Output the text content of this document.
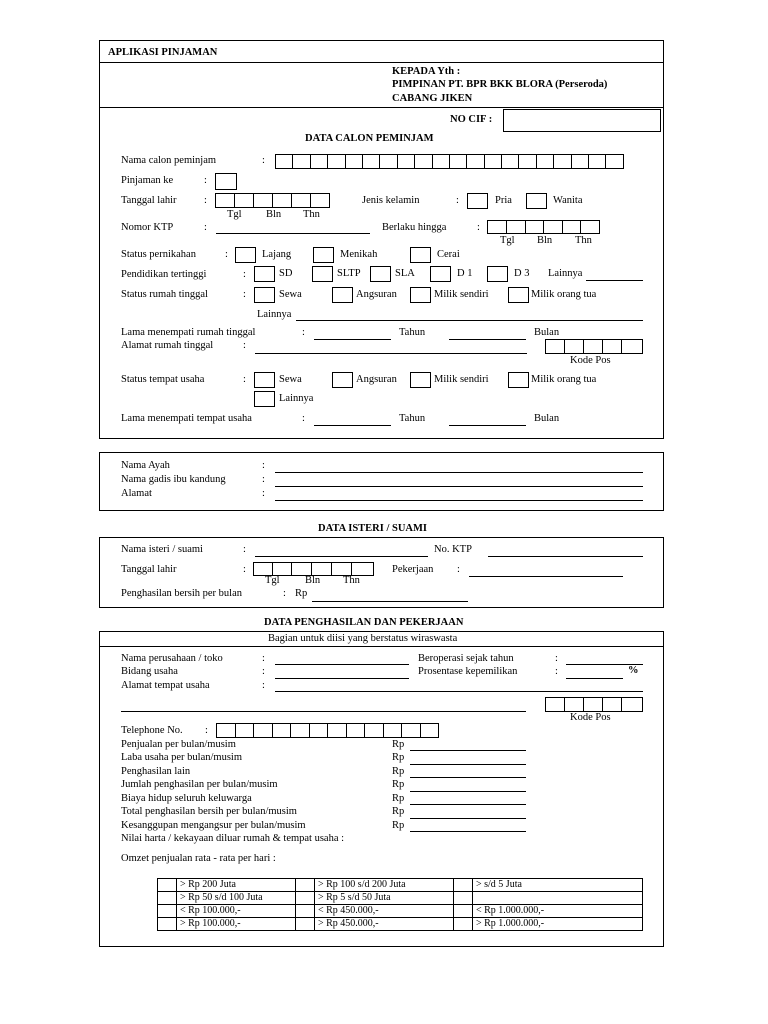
APLIKASI PINJAMAN
KEPADA Yth :
PIMPINAN PT. BPR BKK BLORA (Perseroda)
CABANG JIKEN
NO CIF :
DATA CALON PEMINJAM
Nama calon peminjam	:
Pinjaman ke	:
Tanggal lahir	:
Tgl Bln Thn
Jenis kelamin	:	Pria	Wanita
Nomor KTP	:	Berlaku hingga	:
Tgl Bln Thn
Status pernikahan	:	Lajang	Menikah	Cerai
Pendidikan tertinggi	:	SD	SLTP	SLA	D 1	D 3 Lainnya
Status rumah tinggal	:	Sewa	Angsuran	Milik sendiri	Milik orang tua
Lainnya
Lama menempati rumah tinggal	:	Tahun	Bulan
Alamat rumah tinggal	:
Kode Pos
Status tempat usaha	:	Sewa	Angsuran	Milik sendiri	Milik orang tua
Lainnya
Lama menempati tempat usaha	:	Tahun	Bulan
Nama Ayah	:
Nama gadis ibu kandung	:
Alamat	:
DATA ISTERI / SUAMI
Nama isteri / suami	:	No. KTP
Tanggal lahir	:
Tgl Bln Thn
Pekerjaan :
Penghasilan bersih per bulan	: Rp
DATA PENGHASILAN DAN PEKERJAAN
Bagian untuk diisi yang berstatus wiraswasta
Nama perusahaan / toko	:	Beroperasi sejak tahun	:
Bidang usaha	:	Prosentase kepemilikan	:	%
Alamat tempat usaha	:
Kode Pos
Telephone No. :
Penjualan per bulan/musim	Rp
Laba usaha per bulan/musim	Rp
Penghasilan lain	Rp
Jumlah penghasilan per bulan/musim	Rp
Biaya hidup seluruh keluwarga	Rp
Total penghasilan bersih per bulan/musim	Rp
Kesanggupan mengangsur per bulan/musim	Rp
Nilai harta / kekayaan diluar rumah & tempat usaha :
Omzet penjualan rata - rata per hari :
	> Rp 200 Juta		> Rp 100 s/d 200 Juta		> s/d 5 Juta
	> Rp 50 s/d 100 Juta		> Rp 5 s/d 50 Juta		
	< Rp 100.000,-		< Rp 450.000,-		< Rp 1.000.000,-
	> Rp 100.000,-		> Rp 450.000,-		> Rp 1.000.000,-
